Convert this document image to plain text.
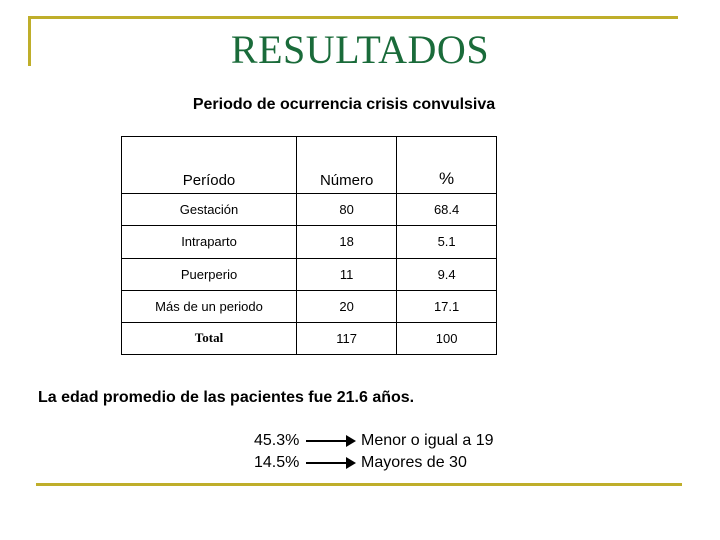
RESULTADOS
Periodo de ocurrencia crisis convulsiva
Período	Número	%
Gestación	80	68.4
Intraparto	18	5.1
Puerperio	11	9.4
Más de un periodo	20	17.1
Total	117	100
La edad promedio de las pacientes fue 21.6 años.
45.3%	Menor o igual a 19
14.5%	Mayores de 30
